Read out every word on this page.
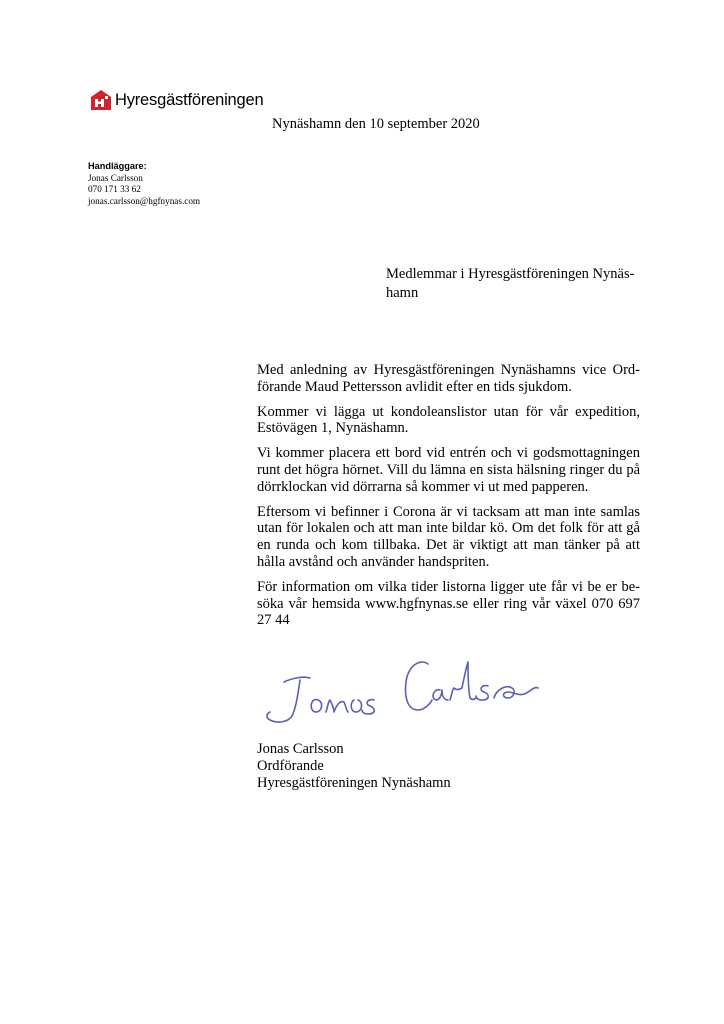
Hyresgästföreningen
Nynäshamn den 10 september 2020
Handläggare:
Jonas Carlsson
070 171 33 62
jonas.carlsson@hgfnynas.com
Medlemmar i Hyresgästföreningen Nynäs-
hamn

Med anledning av Hyresgästföreningen Nynäshamns vice Ord-förande Maud Pettersson avlidit efter en tids sjukdom.

Kommer vi lägga ut kondoleanslistor utan för vår expedition, Estövägen 1, Nynäshamn.

Vi kommer placera ett bord vid entrén och vi godsmottagningen runt det högra hörnet. Vill du lämna en sista hälsning ringer du på dörrklockan vid dörrarna så kommer vi ut med papperen.

Eftersom vi befinner i Corona är vi tacksam att man inte samlas utan för lokalen och att man inte bildar kö. Om det folk för att gå en runda och kom tillbaka. Det är viktigt att man tänker på att hålla avstånd och använder handspriten.

För information om vilka tider listorna ligger ute får vi be er be-söka vår hemsida www.hgfnynas.se eller ring vår växel 070 697 27 44

Jonas Carlsson
Ordförande
Hyresgästföreningen Nynäshamn
